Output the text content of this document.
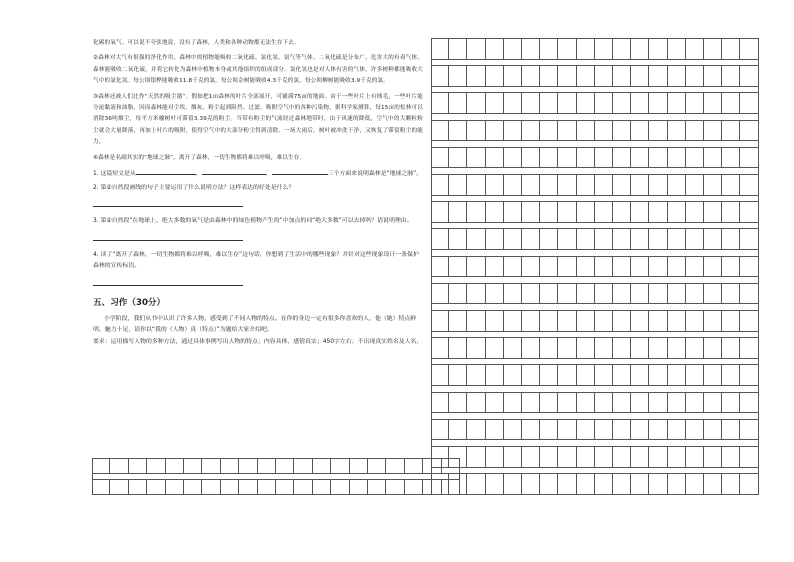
化碳的氧气。可以说不夸张地说，没有了森林，人类和各种动物都无法生存下去。

②森林对大气有很强的净化作用。森林中的植物能吸收二氧化硫、氯化氢、氨气等气体。二氧化硫是分布广、危害大的有毒气体，森林能吸收二氧化硫，并将它转化为森林中植物本身或其他组织的组成部分。氯化氢也是对人体有害的气体，许多树种都能吸收大气中的氯化氢。每公顷银桦能吸收11.8千克的氯，每公顷杂树能吸收4.3千克的氯，每公顷柳树能吸收3.9千克的氯。

③森林还被人们比作“天然的吸尘器”。假如把1亩森林的叶片全部展开，可铺满75亩的地面。由于一些叶片上有绒毛，一些叶片能分泌黏液和油脂，因而森林能对尘埃、烟灰、粉尘起到阻挡、过滤、吸附空气中的各种污染物。据科学家测算，每15亩的松林可以消除36吨烟尘，每平方米榆树叶可滞留3.39克的粉尘。当带有粉尘的气流经过森林地带时，由于风速的降低，空气中的大颗粒粉尘就会大量降落，再加上叶片的吸附，使得空气中的大部分粉尘得到清除。一场大雨后，树叶被冲洗干净，又恢复了滞留粉尘的能力。

④森林是名副其实的“地球之肺”。离开了森林，一切生物都将难以呼吸，难以生存。

1. 这篇短文是从	，	，	三个方面来说明森林是“地球之肺”。

2. 第②自然段画线的句子主要运用了什么说明方法？这样表达的好处是什么？

3. 第②自然段“在地球上，绝大多数的氧气是由森林中的绿色植物产生的”中加点的词“绝大多数”可以去掉吗？请说明理由。

4. 读了“离开了森林，一切生物都将难以呼吸，难以生存”这句话，你想到了生活中的哪些现象？并针对这些现象设计一条保护森林的宣传标语。

五、习作（30分）

小学阶段，我们从书中认识了许多人物，感受到了不同人物的特点。在你的身边一定有很多你喜欢的人，他（她）特点鲜明、魅力十足，请你以“我的（人物）真（特点）”为题给大家介绍吧。

要求：运用描写人物的多种方法，通过具体事例写出人物的特点；内容具体、感情真实；450字左右；不出现真实姓名及人名。
